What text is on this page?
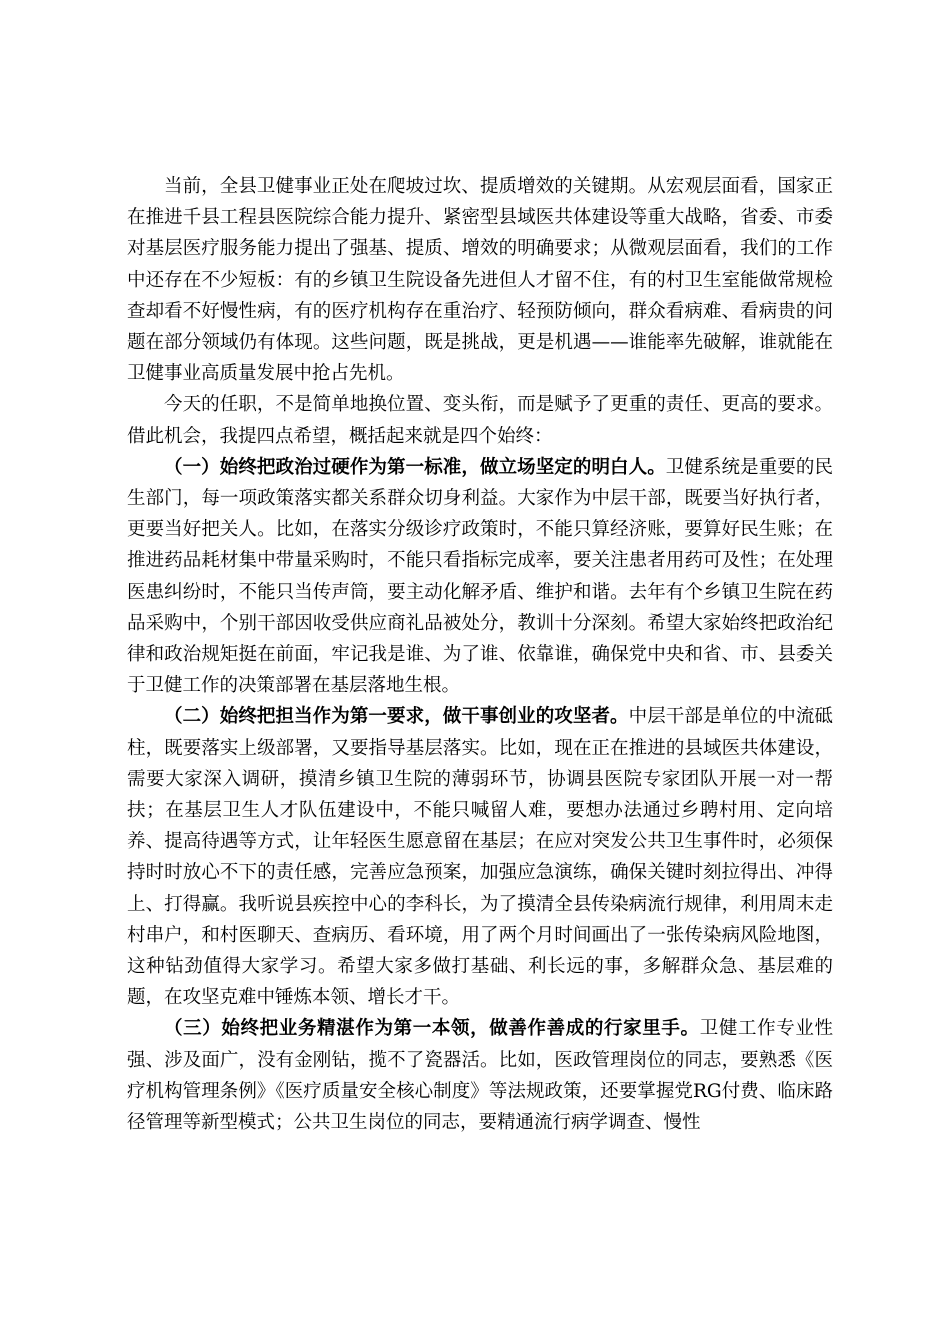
当前，全县卫健事业正处在爬坡过坎、提质增效的关键期。从宏观层面看，国家正在推进千县工程县医院综合能力提升、紧密型县域医共体建设等重大战略，省委、市委对基层医疗服务能力提出了强基、提质、增效的明确要求；从微观层面看，我们的工作中还存在不少短板：有的乡镇卫生院设备先进但人才留不住，有的村卫生室能做常规检查却看不好慢性病，有的医疗机构存在重治疗、轻预防倾向，群众看病难、看病贵的问题在部分领域仍有体现。这些问题，既是挑战，更是机遇——谁能率先破解，谁就能在卫健事业高质量发展中抢占先机。

今天的任职，不是简单地换位置、变头衔，而是赋予了更重的责任、更高的要求。借此机会，我提四点希望，概括起来就是四个始终：

（一）始终把政治过硬作为第一标准，做立场坚定的明白人。卫健系统是重要的民生部门，每一项政策落实都关系群众切身利益。大家作为中层干部，既要当好执行者，更要当好把关人。比如，在落实分级诊疗政策时，不能只算经济账，要算好民生账；在推进药品耗材集中带量采购时，不能只看指标完成率，要关注患者用药可及性；在处理医患纠纷时，不能只当传声筒，要主动化解矛盾、维护和谐。去年有个乡镇卫生院在药品采购中，个别干部因收受供应商礼品被处分，教训十分深刻。希望大家始终把政治纪律和政治规矩挺在前面，牢记我是谁、为了谁、依靠谁，确保党中央和省、市、县委关于卫健工作的决策部署在基层落地生根。

（二）始终把担当作为第一要求，做干事创业的攻坚者。中层干部是单位的中流砥柱，既要落实上级部署，又要指导基层落实。比如，现在正在推进的县域医共体建设，需要大家深入调研，摸清乡镇卫生院的薄弱环节，协调县医院专家团队开展一对一帮扶；在基层卫生人才队伍建设中，不能只喊留人难，要想办法通过乡聘村用、定向培养、提高待遇等方式，让年轻医生愿意留在基层；在应对突发公共卫生事件时，必须保持时时放心不下的责任感，完善应急预案，加强应急演练，确保关键时刻拉得出、冲得上、打得赢。我听说县疾控中心的李科长，为了摸清全县传染病流行规律，利用周末走村串户，和村医聊天、查病历、看环境，用了两个月时间画出了一张传染病风险地图，这种钻劲值得大家学习。希望大家多做打基础、利长远的事，多解群众急、基层难的题，在攻坚克难中锤炼本领、增长才干。

（三）始终把业务精湛作为第一本领，做善作善成的行家里手。卫健工作专业性强、涉及面广，没有金刚钻，揽不了瓷器活。比如，医政管理岗位的同志，要熟悉《医疗机构管理条例》《医疗质量安全核心制度》等法规政策，还要掌握党RG付费、临床路径管理等新型模式；公共卫生岗位的同志，要精通流行病学调查、慢性
